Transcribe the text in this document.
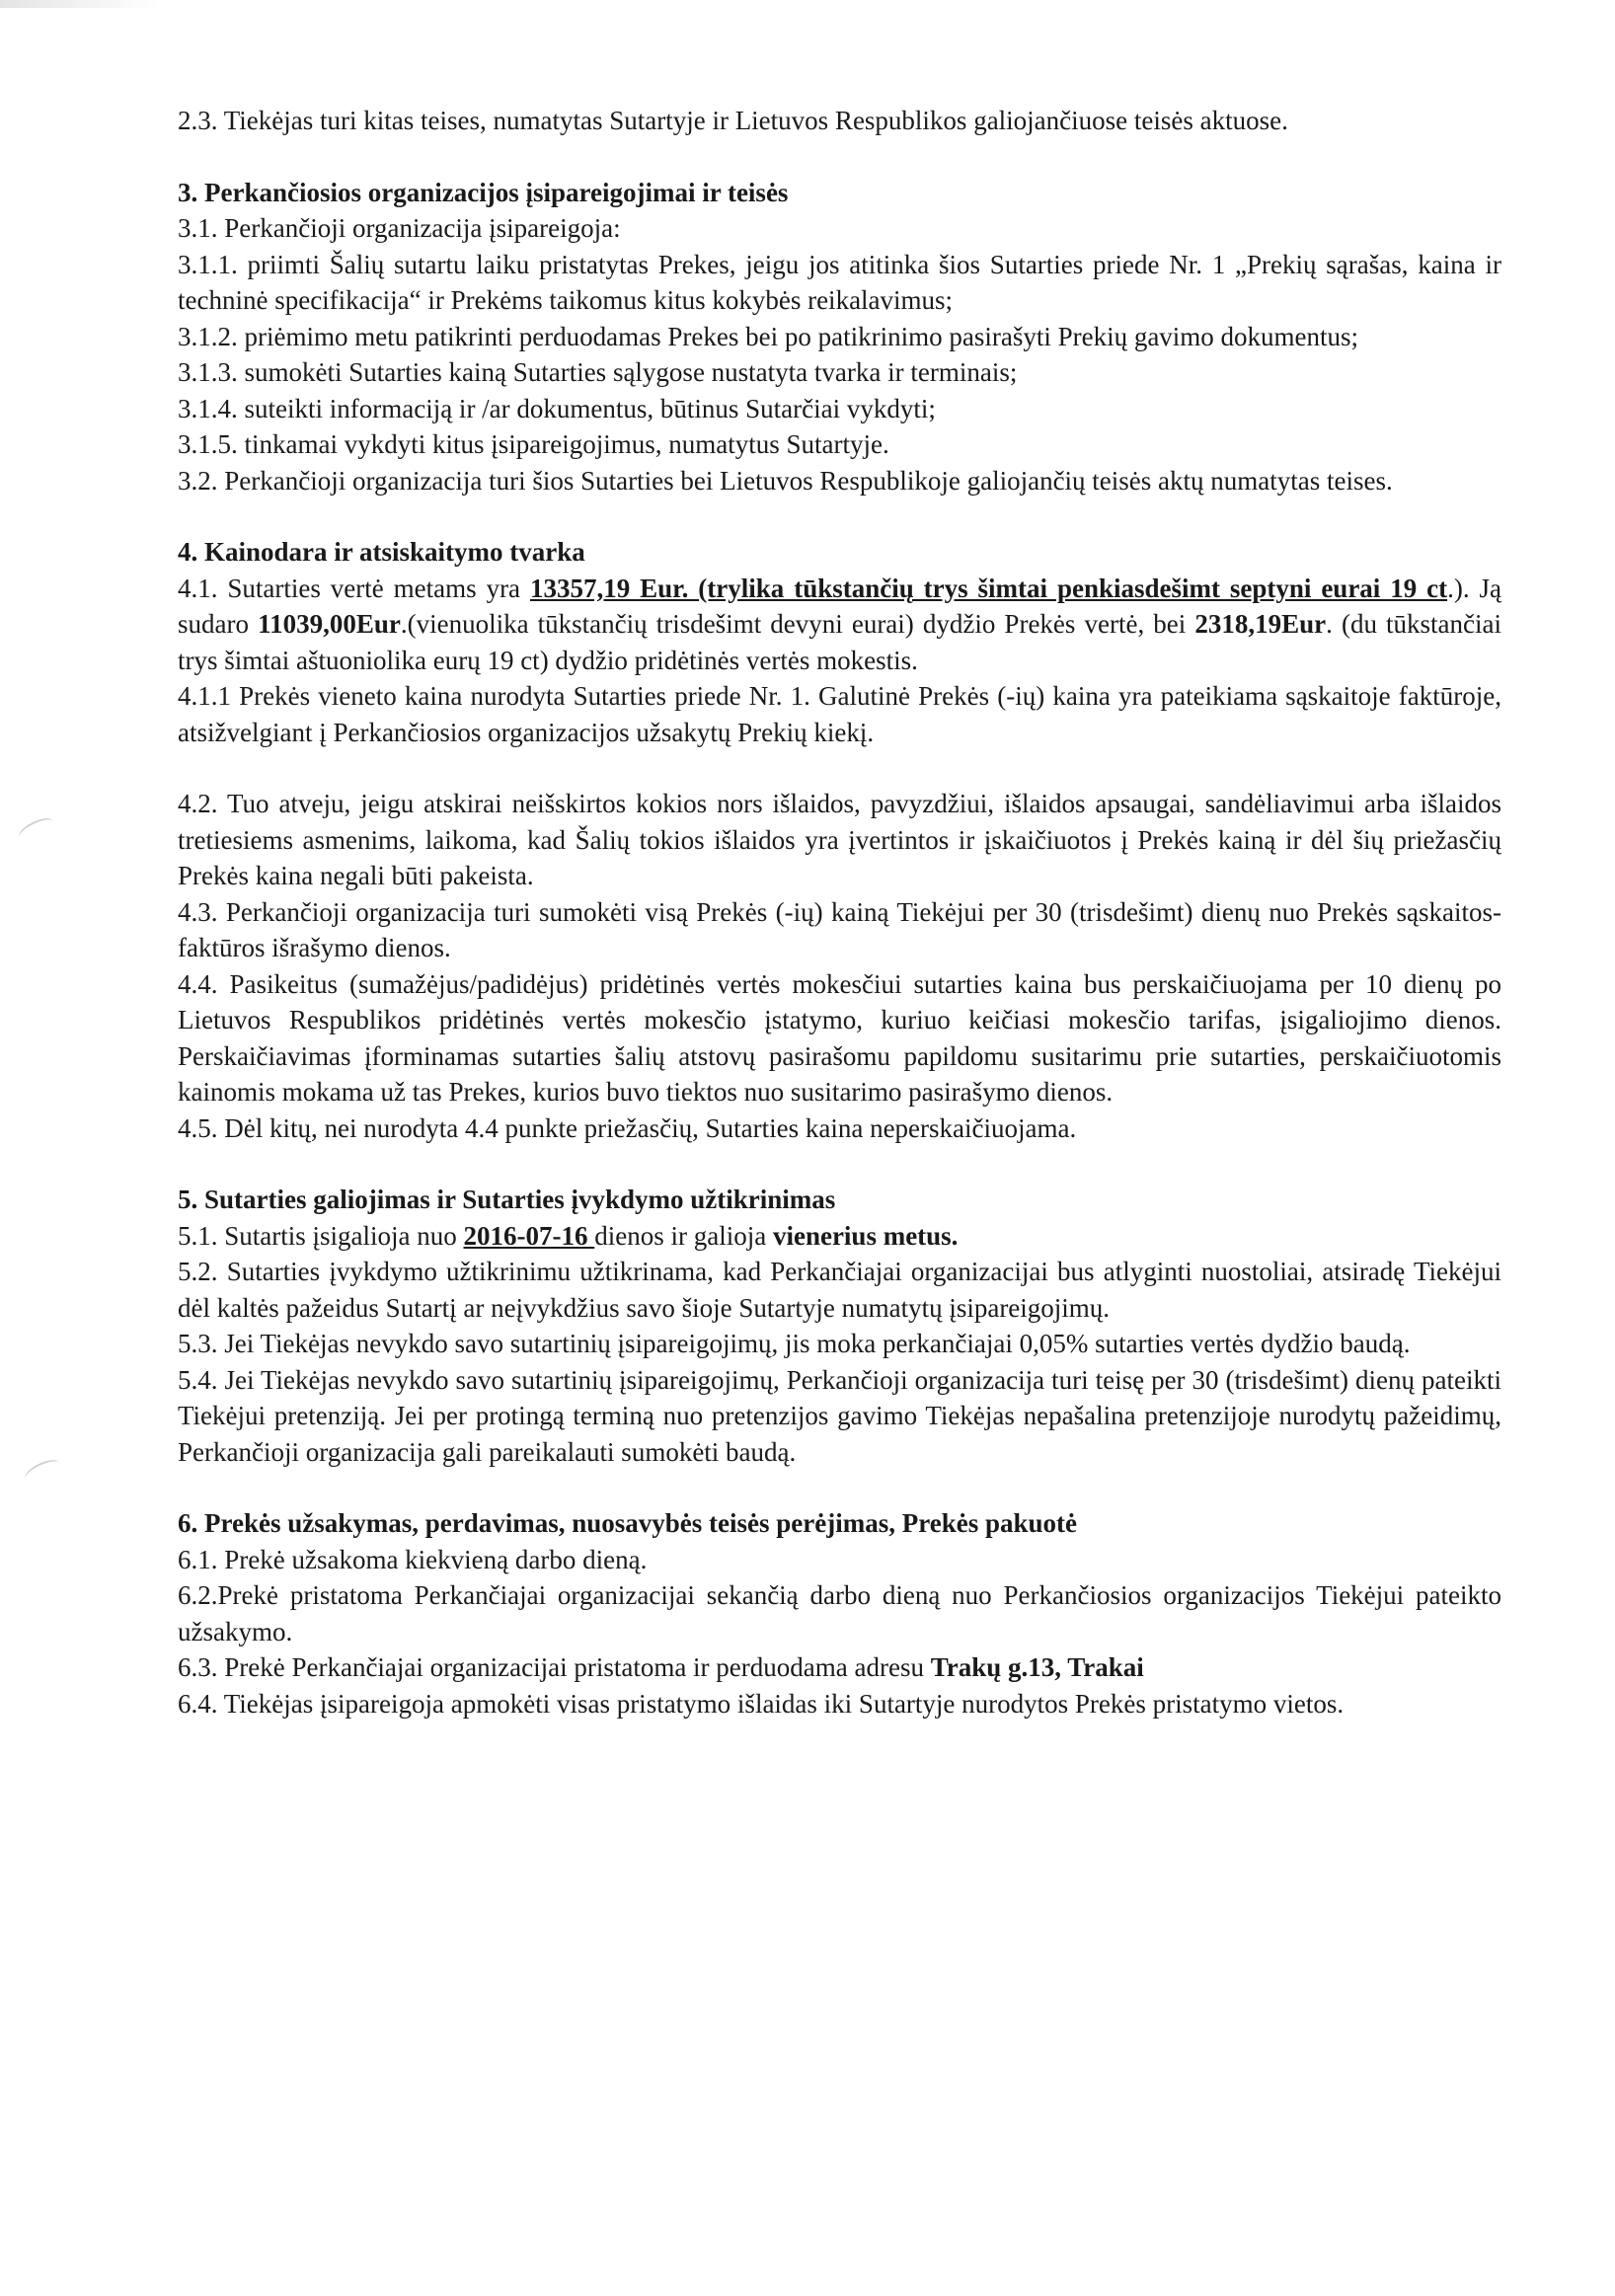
2.3. Tiekėjas turi kitas teises, numatytas Sutartyje ir Lietuvos Respublikos galiojančiuose teisės aktuose.

3. Perkančiosios organizacijos įsipareigojimai ir teisės

3.1. Perkančioji organizacija įsipareigoja:

3.1.1. priimti Šalių sutartu laiku pristatytas Prekes, jeigu jos atitinka šios Sutarties priede Nr. 1 „Prekių sąrašas, kaina ir techninė specifikacija“ ir Prekėms taikomus kitus kokybės reikalavimus;

3.1.2. priėmimo metu patikrinti perduodamas Prekes bei po patikrinimo pasirašyti Prekių gavimo dokumentus;

3.1.3. sumokėti Sutarties kainą Sutarties sąlygose nustatyta tvarka ir terminais;

3.1.4. suteikti informaciją ir /ar dokumentus, būtinus Sutarčiai vykdyti;

3.1.5. tinkamai vykdyti kitus įsipareigojimus, numatytus Sutartyje.

3.2. Perkančioji organizacija turi šios Sutarties bei Lietuvos Respublikoje galiojančių teisės aktų numatytas teises.

4. Kainodara ir atsiskaitymo tvarka

4.1. Sutarties vertė metams yra 13357,19 Eur. (trylika tūkstančių trys šimtai penkiasdešimt septyni eurai 19 ct.). Ją sudaro 11039,00Eur.(vienuolika tūkstančių trisdešimt devyni eurai) dydžio Prekės vertė, bei 2318,19Eur. (du tūkstančiai trys šimtai aštuoniolika eurų 19 ct) dydžio pridėtinės vertės mokestis.

4.1.1 Prekės vieneto kaina nurodyta Sutarties priede Nr. 1. Galutinė Prekės (-ių) kaina yra pateikiama sąskaitoje faktūroje, atsižvelgiant į Perkančiosios organizacijos užsakytų Prekių kiekį.

4.2. Tuo atveju, jeigu atskirai neišskirtos kokios nors išlaidos, pavyzdžiui, išlaidos apsaugai, sandėliavimui arba išlaidos tretiesiems asmenims, laikoma, kad Šalių tokios išlaidos yra įvertintos ir įskaičiuotos į Prekės kainą ir dėl šių priežasčių Prekės kaina negali būti pakeista.

4.3. Perkančioji organizacija turi sumokėti visą Prekės (-ių) kainą Tiekėjui per 30 (trisdešimt) dienų nuo Prekės sąskaitos-faktūros išrašymo dienos.

4.4. Pasikeitus (sumažėjus/padidėjus) pridėtinės vertės mokesčiui sutarties kaina bus perskaičiuojama per 10 dienų po Lietuvos Respublikos pridėtinės vertės mokesčio įstatymo, kuriuo keičiasi mokesčio tarifas, įsigaliojimo dienos. Perskaičiavimas įforminamas sutarties šalių atstovų pasirašomu papildomu susitarimu prie sutarties, perskaičiuotomis kainomis mokama už tas Prekes, kurios buvo tiektos nuo susitarimo pasirašymo dienos.

4.5. Dėl kitų, nei nurodyta 4.4 punkte priežasčių, Sutarties kaina neperskaičiuojama.

5. Sutarties galiojimas ir Sutarties įvykdymo užtikrinimas

5.1. Sutartis įsigalioja nuo 2016-07-16 dienos ir galioja vienerius metus.

5.2. Sutarties įvykdymo užtikrinimu užtikrinama, kad Perkančiajai organizacijai bus atlyginti nuostoliai, atsiradę Tiekėjui dėl kaltės pažeidus Sutartį ar neįvykdžius savo šioje Sutartyje numatytų įsipareigojimų.

5.3. Jei Tiekėjas nevykdo savo sutartinių įsipareigojimų, jis moka perkančiajai 0,05% sutarties vertės dydžio baudą.

5.4. Jei Tiekėjas nevykdo savo sutartinių įsipareigojimų, Perkančioji organizacija turi teisę per 30 (trisdešimt) dienų pateikti Tiekėjui pretenziją. Jei per protingą terminą nuo pretenzijos gavimo Tiekėjas nepašalina pretenzijoje nurodytų pažeidimų, Perkančioji organizacija gali pareikalauti sumokėti baudą.

6. Prekės užsakymas, perdavimas, nuosavybės teisės perėjimas, Prekės pakuotė

6.1. Prekė užsakoma kiekvieną darbo dieną.

6.2.Prekė pristatoma Perkančiajai organizacijai sekančią darbo dieną nuo Perkančiosios organizacijos Tiekėjui pateikto užsakymo.

6.3. Prekė Perkančiajai organizacijai pristatoma ir perduodama adresu Trakų g.13, Trakai

6.4. Tiekėjas įsipareigoja apmokėti visas pristatymo išlaidas iki Sutartyje nurodytos Prekės pristatymo vietos.
